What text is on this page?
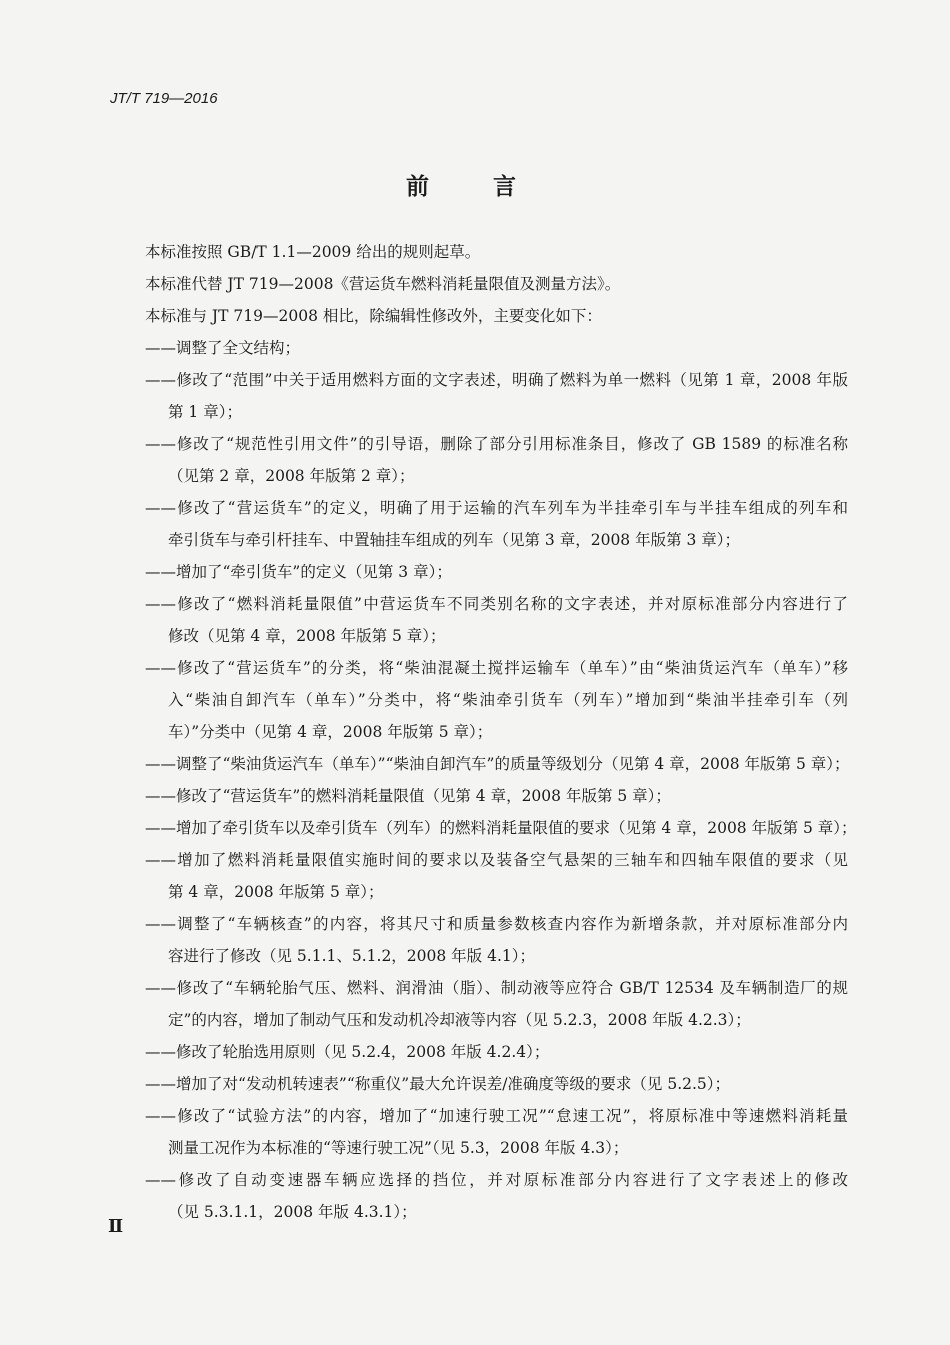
JT/T 719—2016
前 言
本标准按照 GB/T 1.1—2009 给出的规则起草。
本标准代替 JT 719—2008《营运货车燃料消耗量限值及测量方法》。
本标准与 JT 719—2008 相比，除编辑性修改外，主要变化如下：
——调整了全文结构；
——修改了“范围”中关于适用燃料方面的文字表述，明确了燃料为单一燃料（见第 1 章，2008 年版
第 1 章）；
——修改了“规范性引用文件”的引导语，删除了部分引用标准条目，修改了 GB 1589 的标准名称
（见第 2 章，2008 年版第 2 章）；
——修改了“营运货车”的定义，明确了用于运输的汽车列车为半挂牵引车与半挂车组成的列车和
牵引货车与牵引杆挂车、中置轴挂车组成的列车（见第 3 章，2008 年版第 3 章）；
——增加了“牵引货车”的定义（见第 3 章）；
——修改了“燃料消耗量限值”中营运货车不同类别名称的文字表述，并对原标准部分内容进行了
修改（见第 4 章，2008 年版第 5 章）；
——修改了“营运货车”的分类，将“柴油混凝土搅拌运输车（单车）”由“柴油货运汽车（单车）”移
入“柴油自卸汽车（单车）”分类中，将“柴油牵引货车（列车）”增加到“柴油半挂牵引车（列
车）”分类中（见第 4 章，2008 年版第 5 章）；
——调整了“柴油货运汽车（单车）”“柴油自卸汽车”的质量等级划分（见第 4 章，2008 年版第 5 章）；
——修改了“营运货车”的燃料消耗量限值（见第 4 章，2008 年版第 5 章）；
——增加了牵引货车以及牵引货车（列车）的燃料消耗量限值的要求（见第 4 章，2008 年版第 5 章）；
——增加了燃料消耗量限值实施时间的要求以及装备空气悬架的三轴车和四轴车限值的要求（见
第 4 章，2008 年版第 5 章）；
——调整了“车辆核查”的内容，将其尺寸和质量参数核查内容作为新增条款，并对原标准部分内
容进行了修改（见 5.1.1、5.1.2，2008 年版 4.1）；
——修改了“车辆轮胎气压、燃料、润滑油（脂）、制动液等应符合 GB/T 12534 及车辆制造厂的规
定”的内容，增加了制动气压和发动机冷却液等内容（见 5.2.3，2008 年版 4.2.3）；
——修改了轮胎选用原则（见 5.2.4，2008 年版 4.2.4）；
——增加了对“发动机转速表”“称重仪”最大允许误差/准确度等级的要求（见 5.2.5）；
——修改了“试验方法”的内容，增加了“加速行驶工况”“怠速工况”，将原标准中等速燃料消耗量
测量工况作为本标准的“等速行驶工况”（见 5.3，2008 年版 4.3）；
——修改了自动变速器车辆应选择的挡位，并对原标准部分内容进行了文字表述上的修改
（见 5.3.1.1，2008 年版 4.3.1）；
Ⅱ
